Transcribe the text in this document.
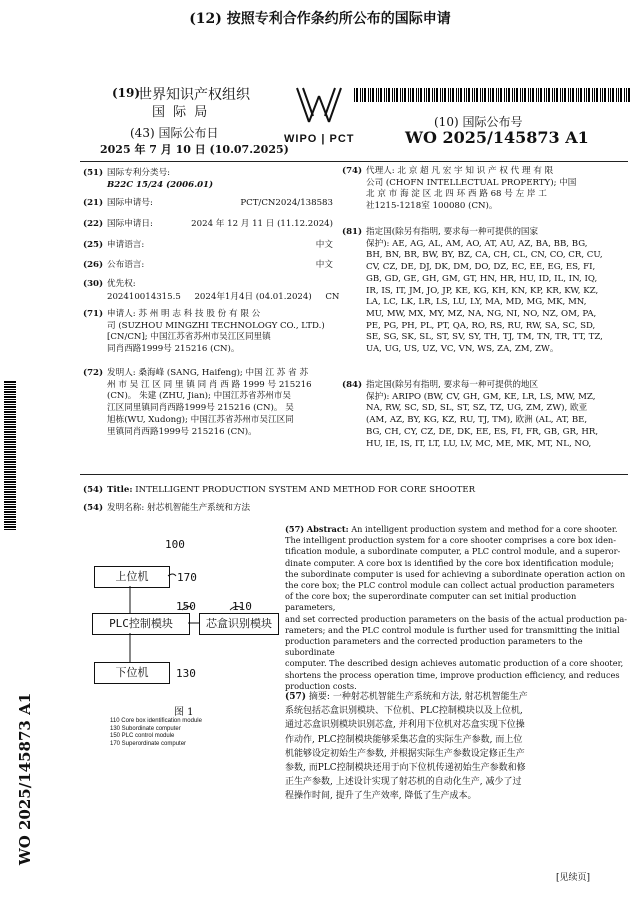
(12) 按照专利合作条约所公布的国际申请
(19)
世界知识产权组织
国 际 局
(43) 国际公布日
2025 年 7 月 10 日 (10.07.2025)
WIPO | PCT
(10) 国际公布号
WO 2025/145873 A1
(51) 国际专利分类号:
B22C 15/24 (2006.01)
(21) 国际申请号:	PCT/CN2024/138583
(22) 国际申请日:	2024 年 12 月 11 日 (11.12.2024)
(25) 申请语言:	中文
(26) 公布语言:	中文
(30) 优先权:
202410014315.5     2024年1月4日 (04.01.2024)     CN
(71) 申请人: 苏 州 明 志 科 技 股 份 有 限 公
司 (SUZHOU MINGZHI TECHNOLOGY CO., LTD.)
[CN/CN]; 中国江苏省苏州市吴江区同里镇
同肖西路1999号 215216 (CN)。
(72) 发明人: 桑海峰 (SANG, Haifeng); 中国 江 苏 省 苏
州 市 吴 江 区 同 里 镇 同 肖 西 路 1999 号 215216
(CN)。 朱建 (ZHU, Jian); 中国江苏省苏州市吴
江区同里镇同肖西路1999号 215216 (CN)。 吴
旭栋(WU, Xudong); 中国江苏省苏州市吴江区同
里镇同肖西路1999号 215216 (CN)。
(74) 代理人: 北 京 超 凡 宏 宇 知 识 产 权 代 理 有 限
公司 (CHOFN INTELLECTUAL PROPERTY); 中国
北 京 市 海 淀 区 北 四 环 西 路 68 号 左 岸 工
社1215-1218室 100080 (CN)。
(81) 指定国(除另有指明, 要求每一种可提供的国家
保护): AE, AG, AL, AM, AO, AT, AU, AZ, BA, BB, BG,
BH, BN, BR, BW, BY, BZ, CA, CH, CL, CN, CO, CR, CU,
CV, CZ, DE, DJ, DK, DM, DO, DZ, EC, EE, EG, ES, FI,
GB, GD, GE, GH, GM, GT, HN, HR, HU, ID, IL, IN, IQ,
IR, IS, IT, JM, JO, JP, KE, KG, KH, KN, KP, KR, KW, KZ,
LA, LC, LK, LR, LS, LU, LY, MA, MD, MG, MK, MN,
MU, MW, MX, MY, MZ, NA, NG, NI, NO, NZ, OM, PA,
PE, PG, PH, PL, PT, QA, RO, RS, RU, RW, SA, SC, SD,
SE, SG, SK, SL, ST, SV, SY, TH, TJ, TM, TN, TR, TT, TZ,
UA, UG, US, UZ, VC, VN, WS, ZA, ZM, ZW。
(84) 指定国(除另有指明, 要求每一种可提供的地区
保护): ARIPO (BW, CV, GH, GM, KE, LR, LS, MW, MZ,
NA, RW, SC, SD, SL, ST, SZ, TZ, UG, ZM, ZW), 欧亚
(AM, AZ, BY, KG, KZ, RU, TJ, TM), 欧洲 (AL, AT, BE,
BG, CH, CY, CZ, DE, DK, EE, ES, FI, FR, GB, GR, HR,
HU, IE, IS, IT, LT, LU, LV, MC, ME, MK, MT, NL, NO,
(54) Title: INTELLIGENT PRODUCTION SYSTEM AND METHOD FOR CORE SHOOTER
(54) 发明名称: 射芯机智能生产系统和方法
100
上位机	170
PLC控制模块
150
芯盒识别模块
110
下位机	130
图 1
110 Core box identification module
130 Subordinate computer
150 PLC control module
170 Superordinate computer
(57) Abstract: An intelligent production system and method for a core shooter.
The intelligent production system for a core shooter comprises a core box iden-
tification module, a subordinate computer, a PLC control module, and a superor-
dinate computer. A core box is identified by the core box identification module;
the subordinate computer is used for achieving a subordinate operation action on
the core box; the PLC control module can collect actual production parameters
of the core box; the superordinate computer can set initial production parameters,
and set corrected production parameters on the basis of the actual production pa-
rameters; and the PLC control module is further used for transmitting the initial
production parameters and the corrected production parameters to the subordinate
computer. The described design achieves automatic production of a core shooter,
shortens the process operation time, improve production efficiency, and reduces
production costs.
(57) 摘要: 一种射芯机智能生产系统和方法, 射芯机智能生产
系统包括芯盒识别模块、下位机、PLC控制模块以及上位机,
通过芯盒识别模块识别芯盒, 并利用下位机对芯盒实现下位操
作动作, PLC控制模块能够采集芯盒的实际生产参数, 而上位
机能够设定初始生产参数, 并根据实际生产参数设定修正生产
参数, 而PLC控制模块还用于向下位机传递初始生产参数和修
正生产参数, 上述设计实现了射芯机的自动化生产, 减少了过
程操作时间, 提升了生产效率, 降低了生产成本。
WO 2025/145873 A1
[见续页]
